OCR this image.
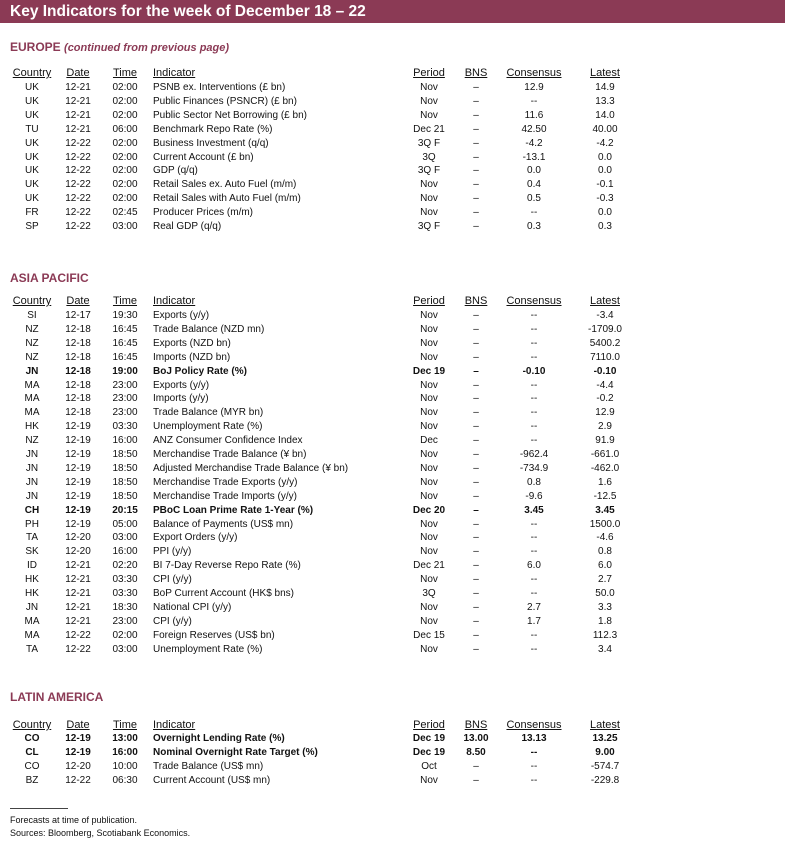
Key Indicators for the week of December 18 – 22
EUROPE (continued from previous page)
Country	Date	Time	Indicator	Period	BNS	Consensus	Latest
UK	12-21	02:00	PSNB ex. Interventions (£ bn)	Nov	–	12.9	14.9
UK	12-21	02:00	Public Finances (PSNCR) (£ bn)	Nov	–	--	13.3
UK	12-21	02:00	Public Sector Net Borrowing (£ bn)	Nov	–	11.6	14.0
TU	12-21	06:00	Benchmark Repo Rate (%)	Dec 21	–	42.50	40.00
UK	12-22	02:00	Business Investment (q/q)	3Q F	–	-4.2	-4.2
UK	12-22	02:00	Current Account (£ bn)	3Q	–	-13.1	0.0
UK	12-22	02:00	GDP (q/q)	3Q F	–	0.0	0.0
UK	12-22	02:00	Retail Sales ex. Auto Fuel (m/m)	Nov	–	0.4	-0.1
UK	12-22	02:00	Retail Sales with Auto Fuel (m/m)	Nov	–	0.5	-0.3
FR	12-22	02:45	Producer Prices (m/m)	Nov	–	--	0.0
SP	12-22	03:00	Real GDP (q/q)	3Q F	–	0.3	0.3
ASIA PACIFIC
Country	Date	Time	Indicator	Period	BNS	Consensus	Latest
SI	12-17	19:30	Exports (y/y)	Nov	–	--	-3.4
NZ	12-18	16:45	Trade Balance (NZD mn)	Nov	–	--	-1709.0
NZ	12-18	16:45	Exports (NZD bn)	Nov	–	--	5400.2
NZ	12-18	16:45	Imports (NZD bn)	Nov	–	--	7110.0
JN	12-18	19:00	BoJ Policy Rate (%)	Dec 19	–	-0.10	-0.10
MA	12-18	23:00	Exports (y/y)	Nov	–	--	-4.4
MA	12-18	23:00	Imports (y/y)	Nov	–	--	-0.2
MA	12-18	23:00	Trade Balance (MYR bn)	Nov	–	--	12.9
HK	12-19	03:30	Unemployment Rate (%)	Nov	–	--	2.9
NZ	12-19	16:00	ANZ Consumer Confidence Index	Dec	–	--	91.9
JN	12-19	18:50	Merchandise Trade Balance (¥ bn)	Nov	–	-962.4	-661.0
JN	12-19	18:50	Adjusted Merchandise Trade Balance (¥ bn)	Nov	–	-734.9	-462.0
JN	12-19	18:50	Merchandise Trade Exports (y/y)	Nov	–	0.8	1.6
JN	12-19	18:50	Merchandise Trade Imports (y/y)	Nov	–	-9.6	-12.5
CH	12-19	20:15	PBoC Loan Prime Rate 1-Year (%)	Dec 20	–	3.45	3.45
PH	12-19	05:00	Balance of Payments (US$ mn)	Nov	–	--	1500.0
TA	12-20	03:00	Export Orders (y/y)	Nov	–	--	-4.6
SK	12-20	16:00	PPI (y/y)	Nov	–	--	0.8
ID	12-21	02:20	BI 7-Day Reverse Repo Rate (%)	Dec 21	–	6.0	6.0
HK	12-21	03:30	CPI (y/y)	Nov	–	--	2.7
HK	12-21	03:30	BoP Current Account (HK$ bns)	3Q	–	--	50.0
JN	12-21	18:30	National CPI (y/y)	Nov	–	2.7	3.3
MA	12-21	23:00	CPI (y/y)	Nov	–	1.7	1.8
MA	12-22	02:00	Foreign Reserves (US$ bn)	Dec 15	–	--	112.3
TA	12-22	03:00	Unemployment Rate (%)	Nov	–	--	3.4
LATIN AMERICA
Country	Date	Time	Indicator	Period	BNS	Consensus	Latest
CO	12-19	13:00	Overnight Lending Rate (%)	Dec 19	13.00	13.13	13.25
CL	12-19	16:00	Nominal Overnight Rate Target (%)	Dec 19	8.50	--	9.00
CO	12-20	10:00	Trade Balance (US$ mn)	Oct	–	--	-574.7
BZ	12-22	06:30	Current Account (US$ mn)	Nov	–	--	-229.8
Forecasts at time of publication.
Sources: Bloomberg, Scotiabank Economics.
